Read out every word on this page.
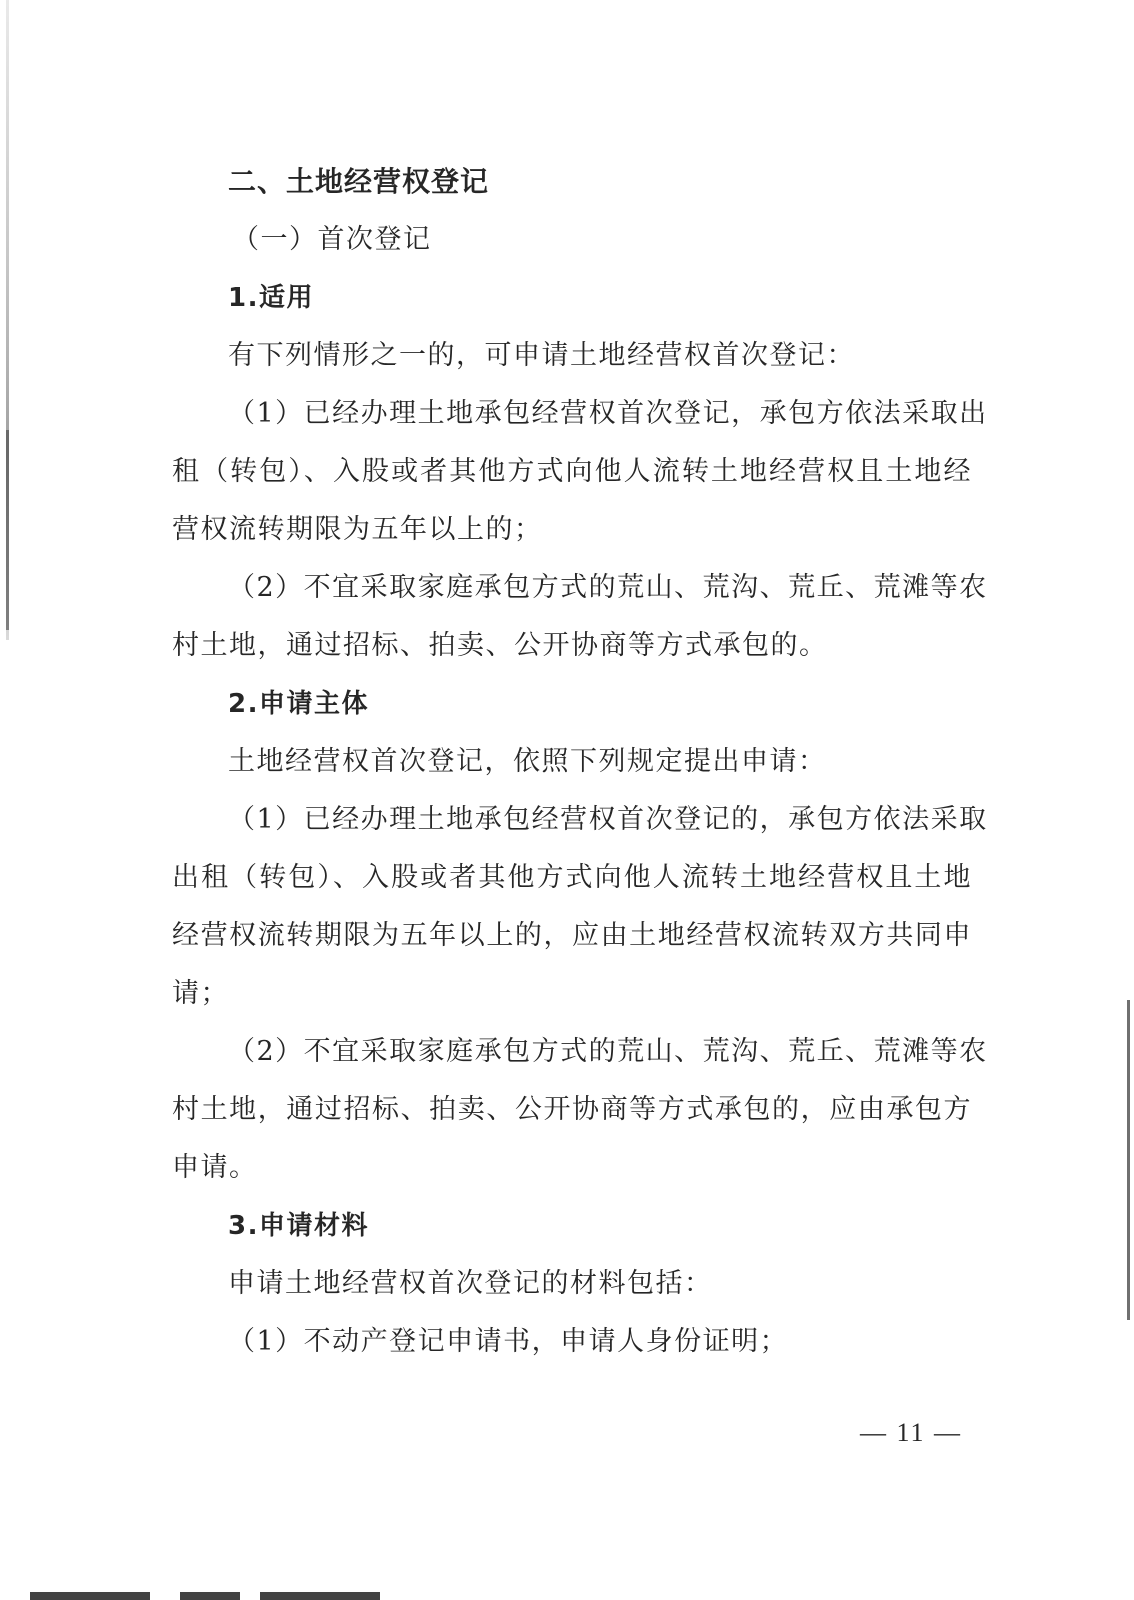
二、土地经营权登记
（一）首次登记
1.适用
有下列情形之一的，可申请土地经营权首次登记：
（1）已经办理土地承包经营权首次登记，承包方依法采取出
租（转包）、入股或者其他方式向他人流转土地经营权且土地经
营权流转期限为五年以上的；
（2）不宜采取家庭承包方式的荒山、荒沟、荒丘、荒滩等农
村土地，通过招标、拍卖、公开协商等方式承包的。
2.申请主体
土地经营权首次登记，依照下列规定提出申请：
（1）已经办理土地承包经营权首次登记的，承包方依法采取
出租（转包）、入股或者其他方式向他人流转土地经营权且土地
经营权流转期限为五年以上的，应由土地经营权流转双方共同申
请；
（2）不宜采取家庭承包方式的荒山、荒沟、荒丘、荒滩等农
村土地，通过招标、拍卖、公开协商等方式承包的，应由承包方
申请。
3.申请材料
申请土地经营权首次登记的材料包括：
（1）不动产登记申请书，申请人身份证明；
— 11 —
